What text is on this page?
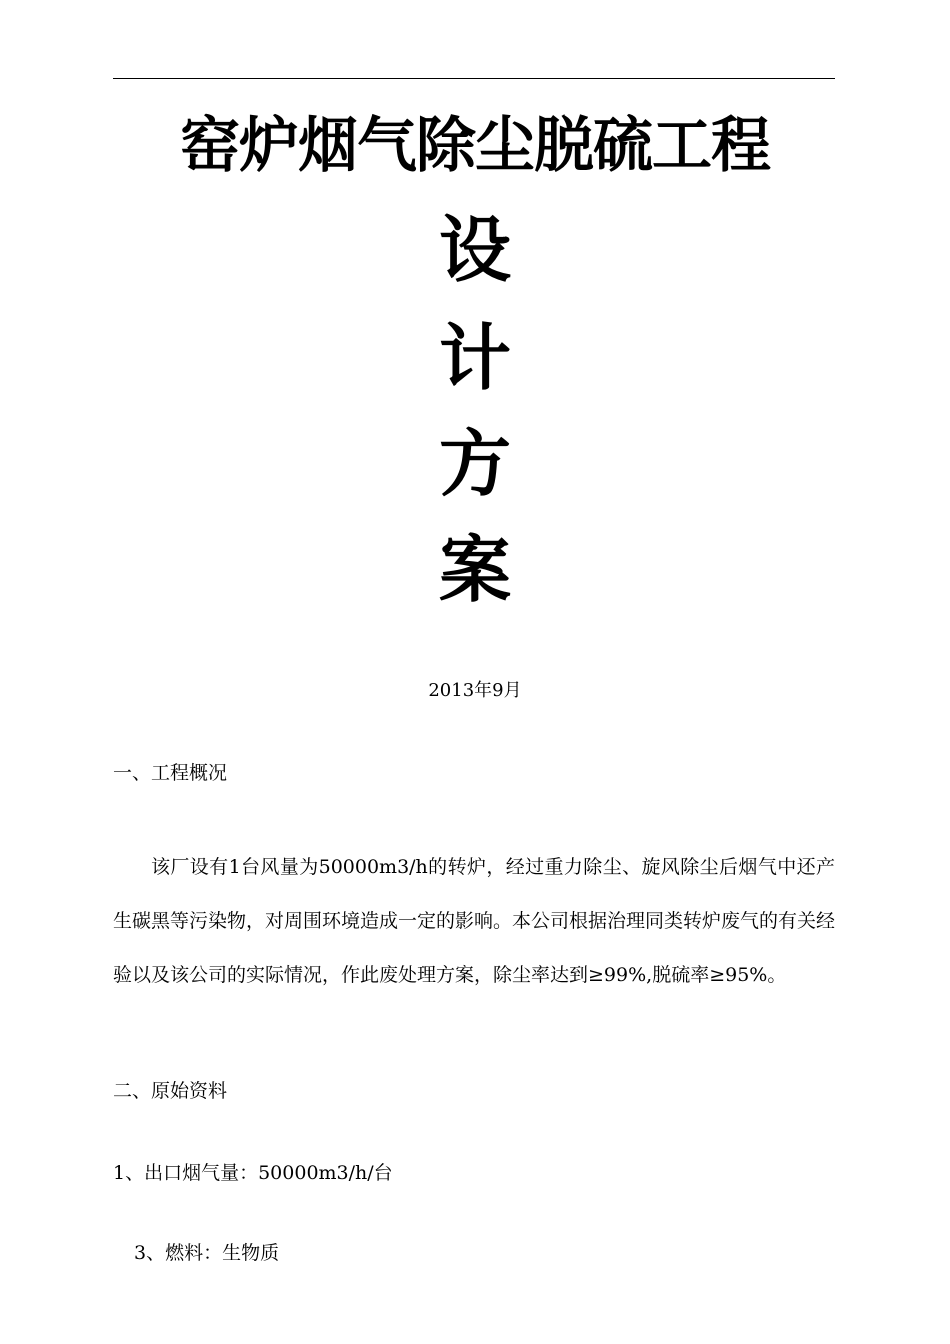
窑炉烟气除尘脱硫工程
设
计
方
案
2013年9月
一、工程概况
该厂设有1台风量为50000m3/h的转炉，经过重力除尘、旋风除尘后烟气中还产生碳黑等污染物，对周围环境造成一定的影响。本公司根据治理同类转炉废气的有关经验以及该公司的实际情况，作此废处理方案，除尘率达到≥99%,脱硫率≥95%。
二、原始资料
1、出口烟气量：50000m3/h/台
3、燃料：生物质
